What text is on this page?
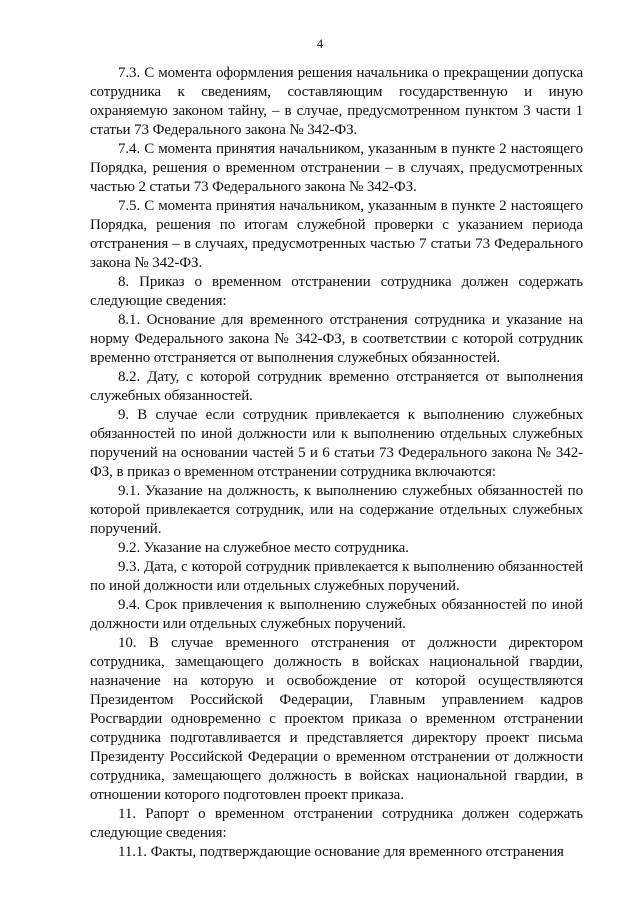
4

7.3. С момента оформления решения начальника о прекращении допуска сотрудника к сведениям, составляющим государственную и иную охраняемую законом тайну, – в случае, предусмотренном пунктом 3 части 1 статьи 73 Федерального закона № 342-ФЗ.

7.4. С момента принятия начальником, указанным в пункте 2 настоящего Порядка, решения о временном отстранении – в случаях, предусмотренных частью 2 статьи 73 Федерального закона № 342-ФЗ.

7.5. С момента принятия начальником, указанным в пункте 2 настоящего Порядка, решения по итогам служебной проверки с указанием периода отстранения – в случаях, предусмотренных частью 7 статьи 73 Федерального закона № 342-ФЗ.

8. Приказ о временном отстранении сотрудника должен содержать следующие сведения:

8.1. Основание для временного отстранения сотрудника и указание на норму Федерального закона № 342-ФЗ, в соответствии с которой сотрудник временно отстраняется от выполнения служебных обязанностей.

8.2. Дату, с которой сотрудник временно отстраняется от выполнения служебных обязанностей.

9. В случае если сотрудник привлекается к выполнению служебных обязанностей по иной должности или к выполнению отдельных служебных поручений на основании частей 5 и 6 статьи 73 Федерального закона № 342-ФЗ, в приказ о временном отстранении сотрудника включаются:

9.1. Указание на должность, к выполнению служебных обязанностей по которой привлекается сотрудник, или на содержание отдельных служебных поручений.

9.2. Указание на служебное место сотрудника.

9.3. Дата, с которой сотрудник привлекается к выполнению обязанностей по иной должности или отдельных служебных поручений.

9.4. Срок привлечения к выполнению служебных обязанностей по иной должности или отдельных служебных поручений.

10. В случае временного отстранения от должности директором сотрудника, замещающего должность в войсках национальной гвардии, назначение на которую и освобождение от которой осуществляются Президентом Российской Федерации, Главным управлением кадров Росгвардии одновременно с проектом приказа о временном отстранении сотрудника подготавливается и представляется директору проект письма Президенту Российской Федерации о временном отстранении от должности сотрудника, замещающего должность в войсках национальной гвардии, в отношении которого подготовлен проект приказа.

11. Рапорт о временном отстранении сотрудника должен содержать следующие сведения:

11.1. Факты, подтверждающие основание для временного отстранения
